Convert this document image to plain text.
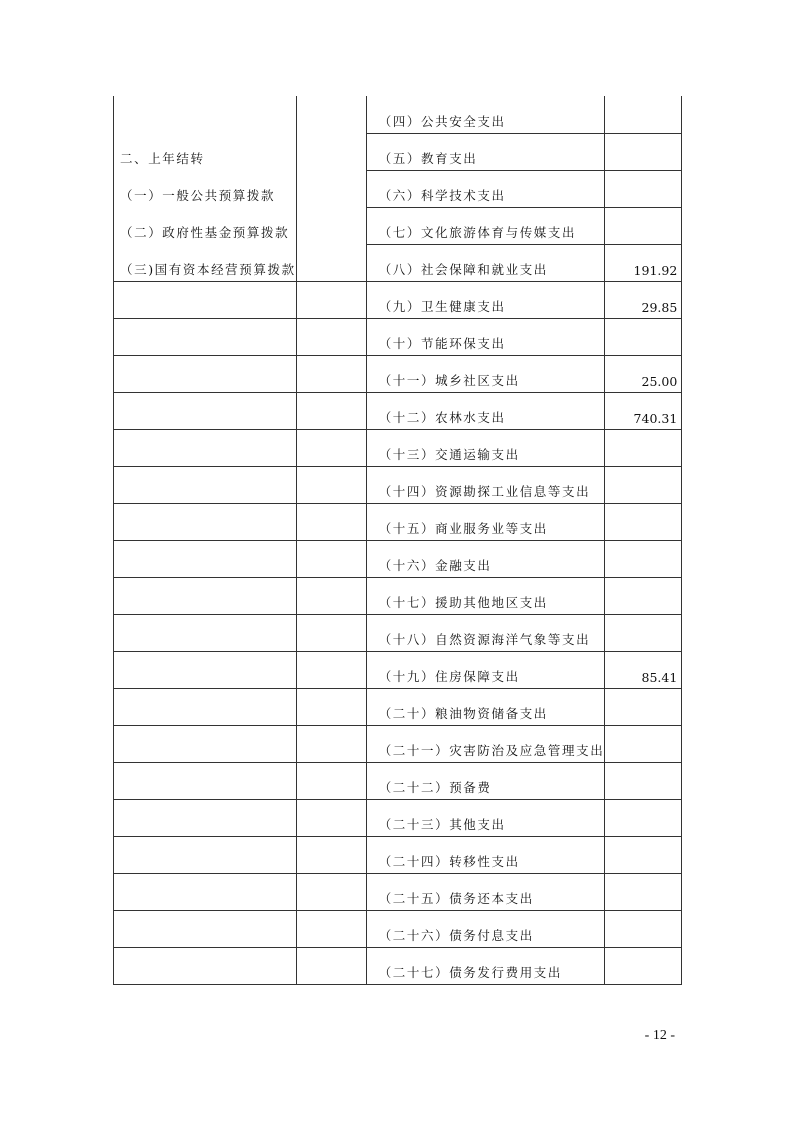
		（四）公共安全支出	
二、上年结转		（五）教育支出	
（一）一般公共预算拨款		（六）科学技术支出	
（二）政府性基金预算拨款		（七）文化旅游体育与传媒支出	
（三)国有资本经营预算拨款		（八）社会保障和就业支出	191.92
		（九）卫生健康支出	29.85
		（十）节能环保支出	
		（十一）城乡社区支出	25.00
		（十二）农林水支出	740.31
		（十三）交通运输支出	
		（十四）资源勘探工业信息等支出	
		（十五）商业服务业等支出	
		（十六）金融支出	
		（十七）援助其他地区支出	
		（十八）自然资源海洋气象等支出	
		（十九）住房保障支出	85.41
		（二十）粮油物资储备支出	
		（二十一）灾害防治及应急管理支出	
		（二十二）预备费	
		（二十三）其他支出	
		（二十四）转移性支出	
		（二十五）债务还本支出	
		（二十六）债务付息支出	
		（二十七）债务发行费用支出	
- 12 -
